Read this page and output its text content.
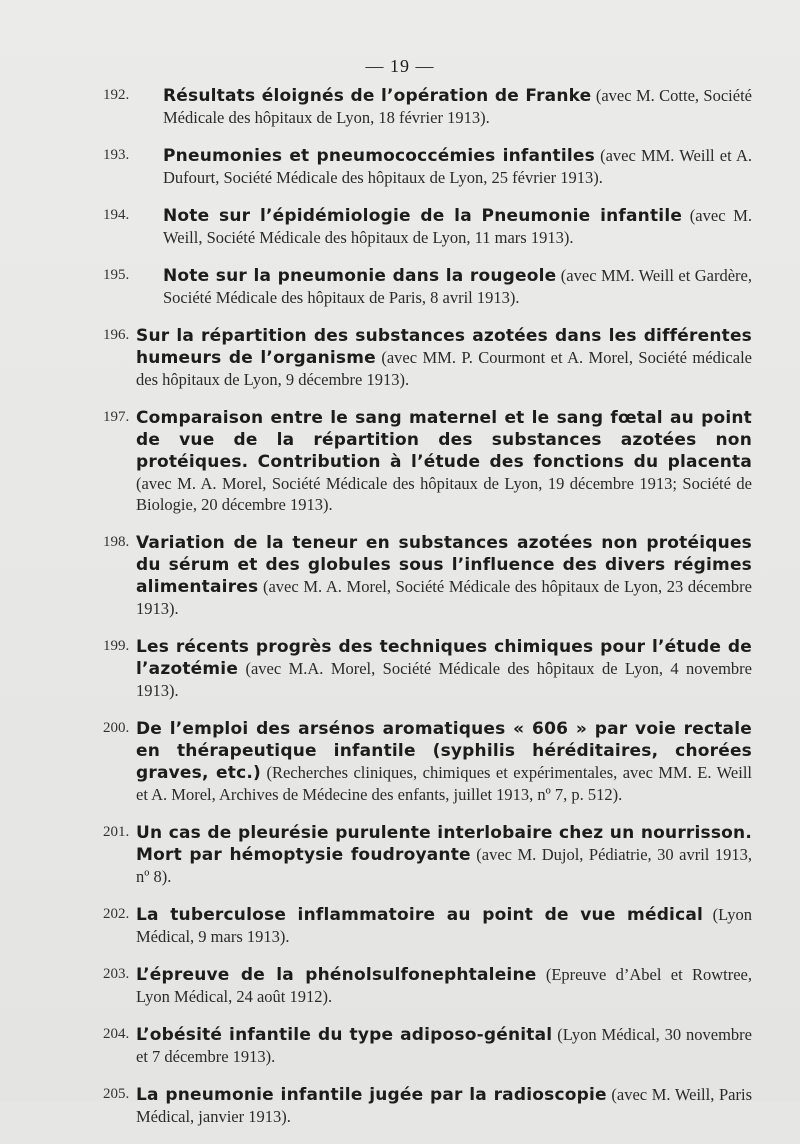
— 19 —
192. Résultats éloignés de l’opération de Franke (avec M. Cotte, Société Médicale des hôpitaux de Lyon, 18 février 1913).
193. Pneumonies et pneumococcémies infantiles (avec MM. Weill et A. Dufourt, Société Médicale des hôpitaux de Lyon, 25 février 1913).
194. Note sur l’épidémiologie de la Pneumonie infantile (avec M. Weill, Société Médicale des hôpitaux de Lyon, 11 mars 1913).
195. Note sur la pneumonie dans la rougeole (avec MM. Weill et Gardère, Société Médicale des hôpitaux de Paris, 8 avril 1913).
196. Sur la répartition des substances azotées dans les différentes humeurs de l’organisme (avec MM. P. Courmont et A. Morel, Société médicale des hôpitaux de Lyon, 9 décembre 1913).
197. Comparaison entre le sang maternel et le sang fœtal au point de vue de la répartition des substances azotées non protéiques. Contribution à l’étude des fonctions du placenta (avec M. A. Morel, Société Médicale des hôpitaux de Lyon, 19 décembre 1913; Société de Biologie, 20 décembre 1913).
198. Variation de la teneur en substances azotées non protéiques du sérum et des globules sous l’influence des divers régimes alimentaires (avec M. A. Morel, Société Médicale des hôpitaux de Lyon, 23 décembre 1913).
199. Les récents progrès des techniques chimiques pour l’étude de l’azotémie (avec M.A. Morel, Société Médicale des hôpitaux de Lyon, 4 novembre 1913).
200. De l’emploi des arsénos aromatiques « 606 » par voie rectale en thérapeutique infantile (syphilis héréditaires, chorées graves, etc.) (Recherches cliniques, chimiques et expérimentales, avec MM. E. Weill et A. Morel, Archives de Médecine des enfants, juillet 1913, nº 7, p. 512).
201. Un cas de pleurésie purulente interlobaire chez un nourrisson. Mort par hémoptysie foudroyante (avec M. Dujol, Pédiatrie, 30 avril 1913, nº 8).
202. La tuberculose inflammatoire au point de vue médical (Lyon Médical, 9 mars 1913).
203. L’épreuve de la phénolsulfonephtaleine (Epreuve d’Abel et Rowtree, Lyon Médical, 24 août 1912).
204. L’obésité infantile du type adiposo-génital (Lyon Médical, 30 novembre et 7 décembre 1913).
205. La pneumonie infantile jugée par la radioscopie (avec M. Weill, Paris Médical, janvier 1913).
